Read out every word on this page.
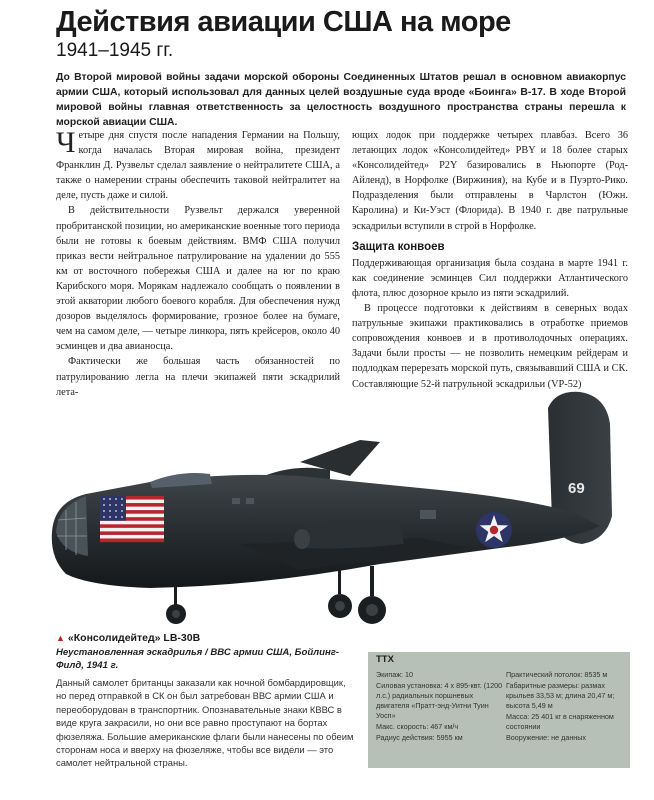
Действия авиации США на море
1941–1945 гг.

До Второй мировой войны задачи морской обороны Соединенных Штатов решал в основном авиакорпус армии США, который использовал для данных целей воздушные суда вроде «Боинга» В-17. В ходе Второй мировой войны главная ответственность за целостность воздушного пространства страны перешла к морской авиации США.

Четыре дня спустя после нападения Германии на Польшу, когда началась Вторая мировая война, президент Франклин Д. Рузвельт сделал заявление о нейтралитете США, а также о намерении страны обеспечить таковой нейтралитет на деле, пусть даже и силой.

В действительности Рузвельт держался уверенной пробританской позиции, но американские военные того периода были не готовы к боевым действиям. ВМФ США получил приказ вести нейтральное патрулирование на удалении до 555 км от восточного побережья США и далее на юг по краю Карибского моря. Морякам надлежало сообщать о появлении в этой акватории любого боевого корабля. Для обеспечения нужд дозоров выделялось формирование, грозное более на бумаге, чем на самом деле, — четыре линкора, пять крейсеров, около 40 эсминцев и два авианосца.

Фактически же большая часть обязанностей по патрулированию легла на плечи экипажей пяти эскадрилий лета-

ющих лодок при поддержке четырех плавбаз. Всего 36 летающих лодок «Консолидейтед» PBY и 18 более старых «Консолидейтед» P2Y базировались в Ньюпорте (Род-Айленд), в Норфолке (Виржиния), на Кубе и в Пуэрто-Рико. Подразделения были отправлены в Чарлстон (Южн. Каролина) и Ки-Уэст (Флорида). В 1940 г. две патрульные эскадрильи вступили в строй в Норфолке.

Защита конвоев

Поддерживающая организация была создана в марте 1941 г. как соединение эсминцев Сил поддержки Атлантического флота, плюс дозорное крыло из пяти эскадрилий.

В процессе подготовки к действиям в северных водах патрульные экипажи практиковались в отработке приемов сопровождения конвоев и в противолодочных операциях. Задачи были просты — не позволить немецким рейдерам и подлодкам перерезать морской путь, связывавший США и СК. Составляющие 52-й патрульной эскадрильи (VP-52)

69

▲ «Консолидейтед» LB-30B

Неустановленная эскадрилья / ВВС армии США, Бойлинг-Филд, 1941 г.

Данный самолет британцы заказали как ночной бомбардировщик, но перед отправкой в СК он был затребован ВВС армии США и переоборудован в транспортник. Опознавательные знаки КВВС в виде круга закрасили, но они все равно проступают на бортах фюзеляжа. Большие американские флаги были нанесены по обеим сторонам носа и вверху на фюзеляже, чтобы все видели — это самолет нейтральной страны.

ТТХ

Экипаж: 10

Силовая установка: 4 х 895-квт. (1200 л.с.) радиальных поршневых двигателя «Пратт-энд-Уитни Туин Уосп»

Макс. скорость: 467 км/ч

Радиус действия: 5955 км

Практический потолок: 8535 м

Габаритные размеры: размах крыльев 33,53 м; длина 20,47 м; высота 5,49 м

Масса: 25 401 кг в снаряженном состоянии

Вооружение: не данных
